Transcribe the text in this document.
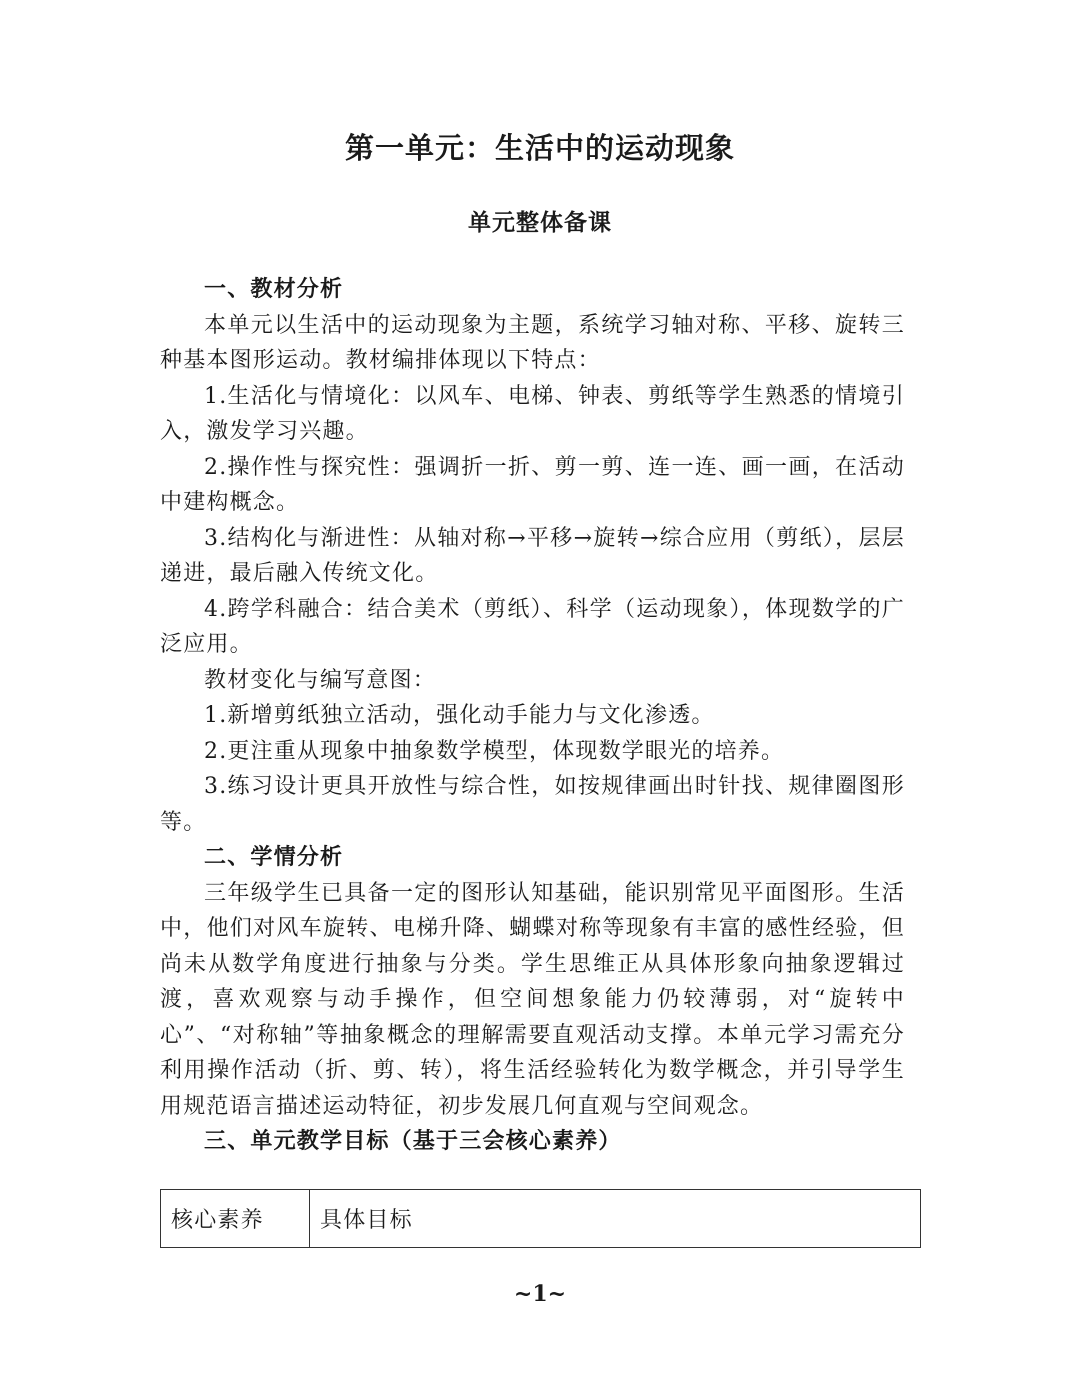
第一单元：生活中的运动现象
单元整体备课
一、教材分析

本单元以生活中的运动现象为主题，系统学习轴对称、平移、旋转三种基本图形运动。教材编排体现以下特点：

1.生活化与情境化：以风车、电梯、钟表、剪纸等学生熟悉的情境引入，激发学习兴趣。

2.操作性与探究性：强调折一折、剪一剪、连一连、画一画，在活动中建构概念。

3.结构化与渐进性：从轴对称→平移→旋转→综合应用（剪纸），层层递进，最后融入传统文化。

4.跨学科融合：结合美术（剪纸）、科学（运动现象），体现数学的广泛应用。

教材变化与编写意图：

1.新增剪纸独立活动，强化动手能力与文化渗透。

2.更注重从现象中抽象数学模型，体现数学眼光的培养。

3.练习设计更具开放性与综合性，如按规律画出时针找、规律圈图形等。

二、学情分析

三年级学生已具备一定的图形认知基础，能识别常见平面图形。生活中，他们对风车旋转、电梯升降、蝴蝶对称等现象有丰富的感性经验，但尚未从数学角度进行抽象与分类。学生思维正从具体形象向抽象逻辑过渡，喜欢观察与动手操作，但空间想象能力仍较薄弱，对“旋转中心”、“对称轴”等抽象概念的理解需要直观活动支撑。本单元学习需充分利用操作活动（折、剪、转），将生活经验转化为数学概念，并引导学生用规范语言描述运动特征，初步发展几何直观与空间观念。

三、单元教学目标（基于三会核心素养）
核心素养	具体目标
~1~
